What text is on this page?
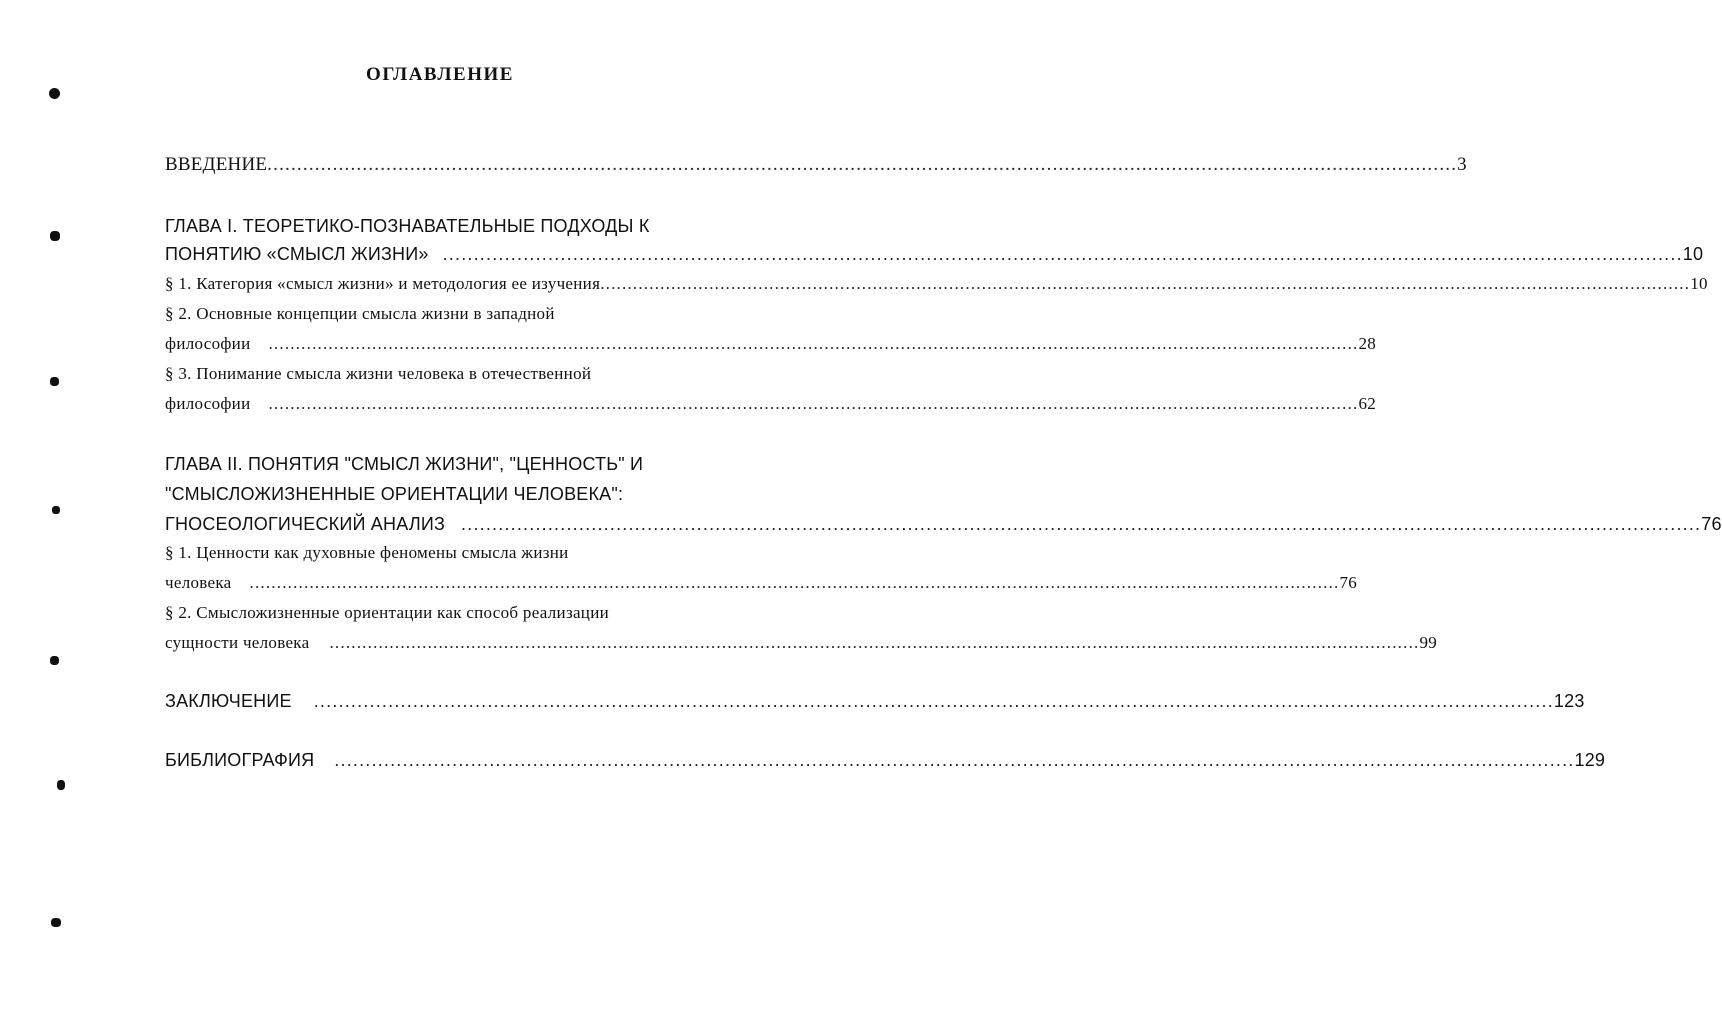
ОГЛАВЛЕНИЕ
ВВЕДЕНИЕ ........................................................................................................................................................................................................ 3
ГЛАВА I. ТЕОРЕТИКО-ПОЗНАВАТЕЛЬНЫЕ ПОДХОДЫ К
ПОНЯТИЮ «СМЫСЛ ЖИЗНИ» ........................................................................................................................................................................................................ 10
§ 1. Категория «смысл жизни» и методология ее изучения ........................................................................................................................................................................................................ 10
§ 2. Основные концепции смысла жизни в западной
философии ........................................................................................................................................................................................................ 28
§ 3. Понимание смысла жизни человека в отечественной
философии ........................................................................................................................................................................................................ 62
ГЛАВА II. ПОНЯТИЯ "СМЫСЛ ЖИЗНИ", "ЦЕННОСТЬ" И
"СМЫСЛОЖИЗНЕННЫЕ ОРИЕНТАЦИИ ЧЕЛОВЕКА":
ГНОСЕОЛОГИЧЕСКИЙ АНАЛИЗ ........................................................................................................................................................................................................ 76
§ 1. Ценности как духовные феномены смысла жизни
человека ........................................................................................................................................................................................................ 76
§ 2. Смысложизненные ориентации как способ реализации
сущности человека ........................................................................................................................................................................................................ 99
ЗАКЛЮЧЕНИЕ ........................................................................................................................................................................................................ 123
БИБЛИОГРАФИЯ ........................................................................................................................................................................................................ 129
